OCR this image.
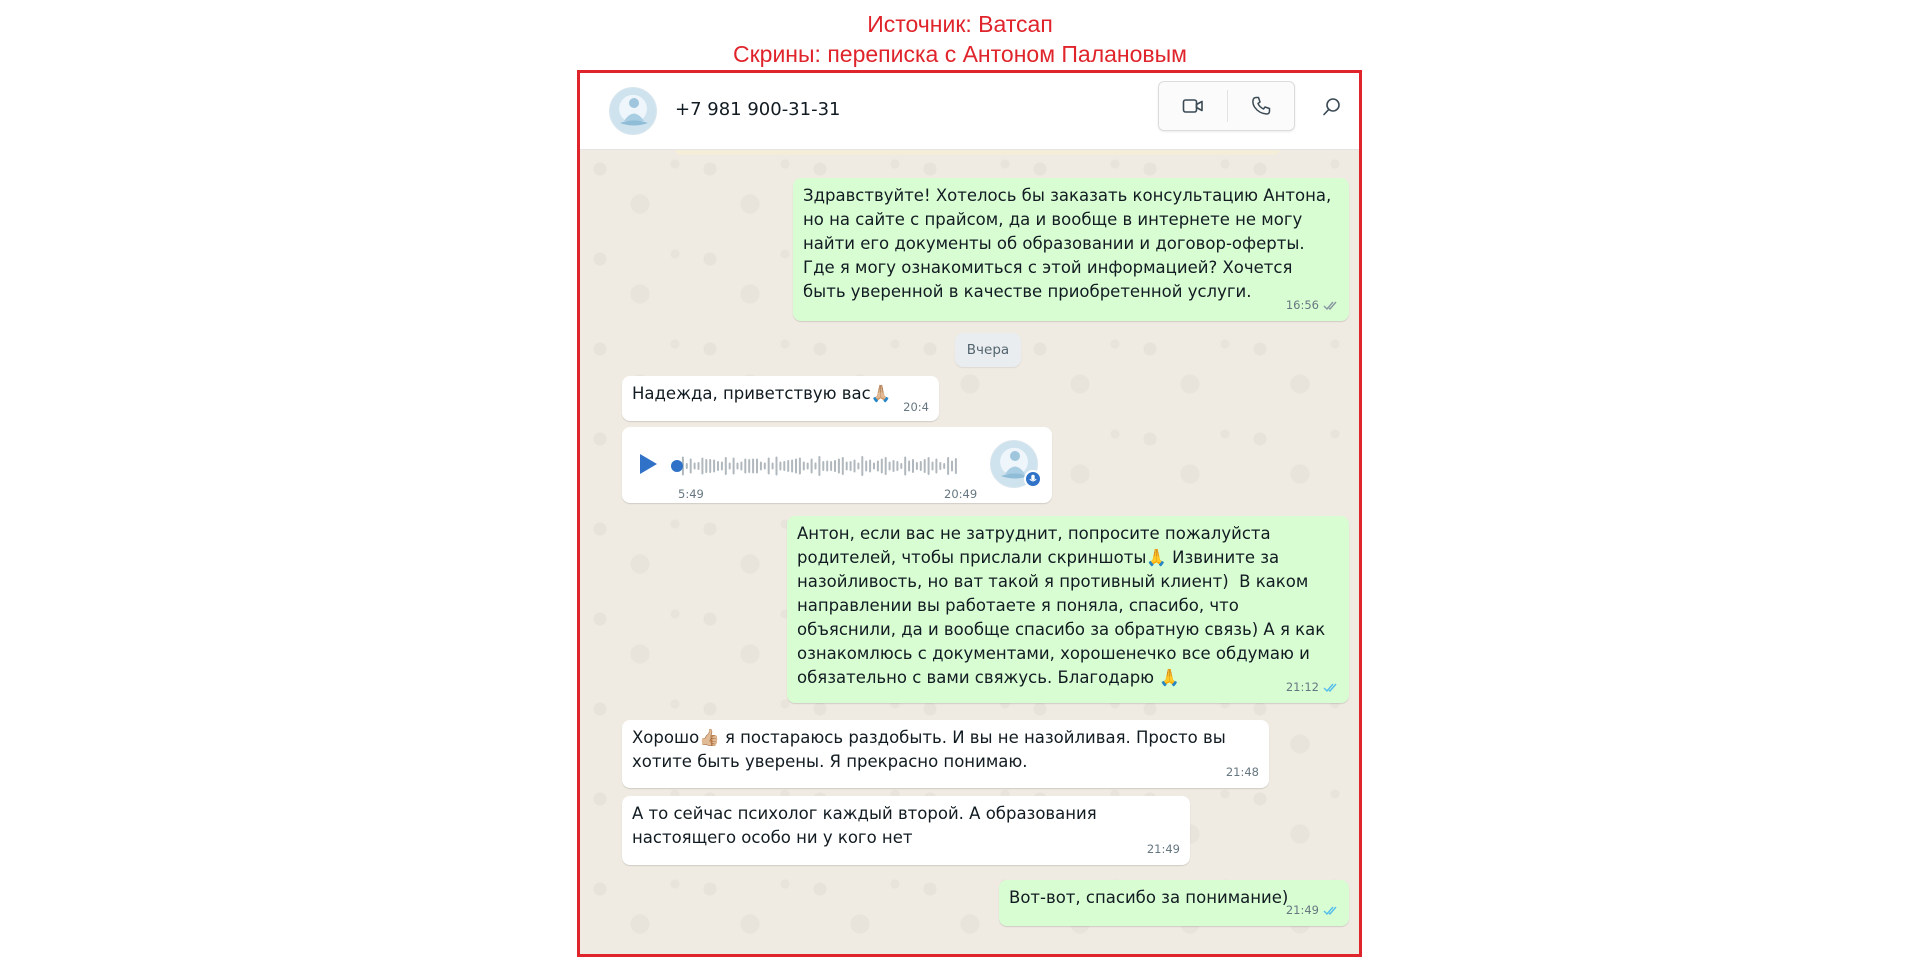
Источник: Ватсап
Скрины: переписка с Антоном Палановым
+7 981 900-31-31
Здравствуйте! Хотелось бы заказать консультацию Антона, но на сайте с прайсом, да и вообще в интернете не могу найти его документы об образовании и договор-оферты.  Где я могу ознакомиться с этой информацией? Хочется быть уверенной в качестве приобретенной услуги.
16:56
Вчера
Надежда, приветствую вас🙏🏼
20:4
5:49	20:49
Антон, если вас не затруднит, попросите пожалуйста родителей, чтобы прислали скриншоты🙏 Извините за назойливость, но ват такой я противный клиент)  В каком направлении вы работаете я поняла, спасибо, что объяснили, да и вообще спасибо за обратную связь) А я как ознакомлюсь с документами, хорошенечко все обдумаю и обязательно с вами свяжусь. Благодарю 🙏	21:12
Хорошо👍🏼 я постараюсь раздобыть. И вы не назойливая. Просто вы хотите быть уверены. Я прекрасно понимаю.
21:48
А то сейчас психолог каждый второй. А образования настоящего особо ни у кого нет
21:49
Вот-вот, спасибо за понимание)
21:49
